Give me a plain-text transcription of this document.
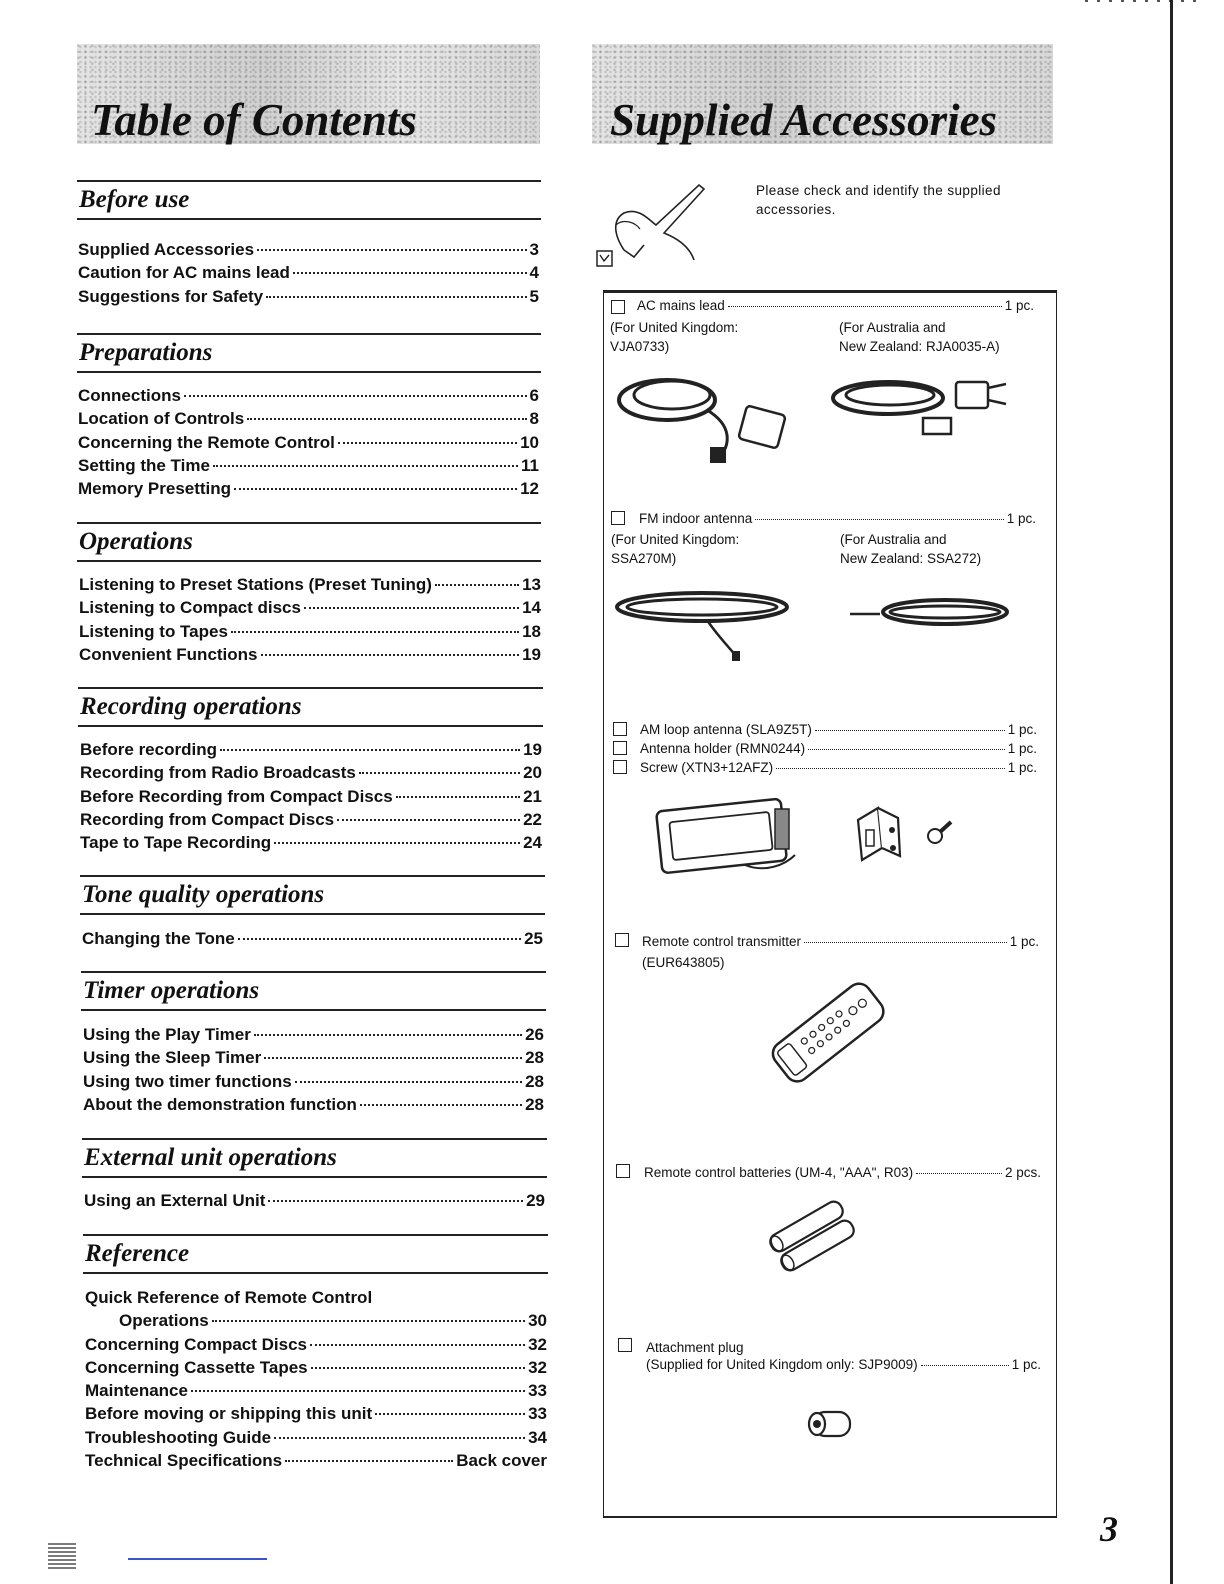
Table of Contents	Supplied Accessories
Before use
Supplied Accessories	3
Caution for AC mains lead	4
Suggestions for Safety	5
Preparations
Connections	6
Location of Controls	8
Concerning the Remote Control	10
Setting the Time	11
Memory Presetting	12
Operations
Listening to Preset Stations (Preset Tuning)	13
Listening to Compact discs	14
Listening to Tapes	18
Convenient Functions	19
Recording operations
Before recording	19
Recording from Radio Broadcasts	20
Before Recording from Compact Discs	21
Recording from Compact Discs	22
Tape to Tape Recording	24
Tone quality operations
Changing the Tone	25
Timer operations
Using the Play Timer	26
Using the Sleep Timer	28
Using two timer functions	28
About the demonstration function	28
External unit operations
Using an External Unit	29
Reference
Quick Reference of Remote Control
Operations	30
Concerning Compact Discs	32
Concerning Cassette Tapes	32
Maintenance	33
Before moving or shipping this unit	33
Troubleshooting Guide	34
Technical Specifications	Back cover
Please check and identify the supplied accessories.
AC mains lead	1 pc.
(For United Kingdom:
VJA0733)
(For Australia and
New Zealand: RJA0035-A)
FM indoor antenna	1 pc.
(For United Kingdom:
SSA270M)
(For Australia and
New Zealand: SSA272)
AM loop antenna (SLA9Z5T)	1 pc.
Antenna holder (RMN0244)	1 pc.
Screw (XTN3+12AFZ)	1 pc.
Remote control transmitter	1 pc.
(EUR643805)
Remote control batteries (UM-4, "AAA", R03)	2 pcs.
Attachment plug
(Supplied for United Kingdom only: SJP9009)	1 pc.
3
